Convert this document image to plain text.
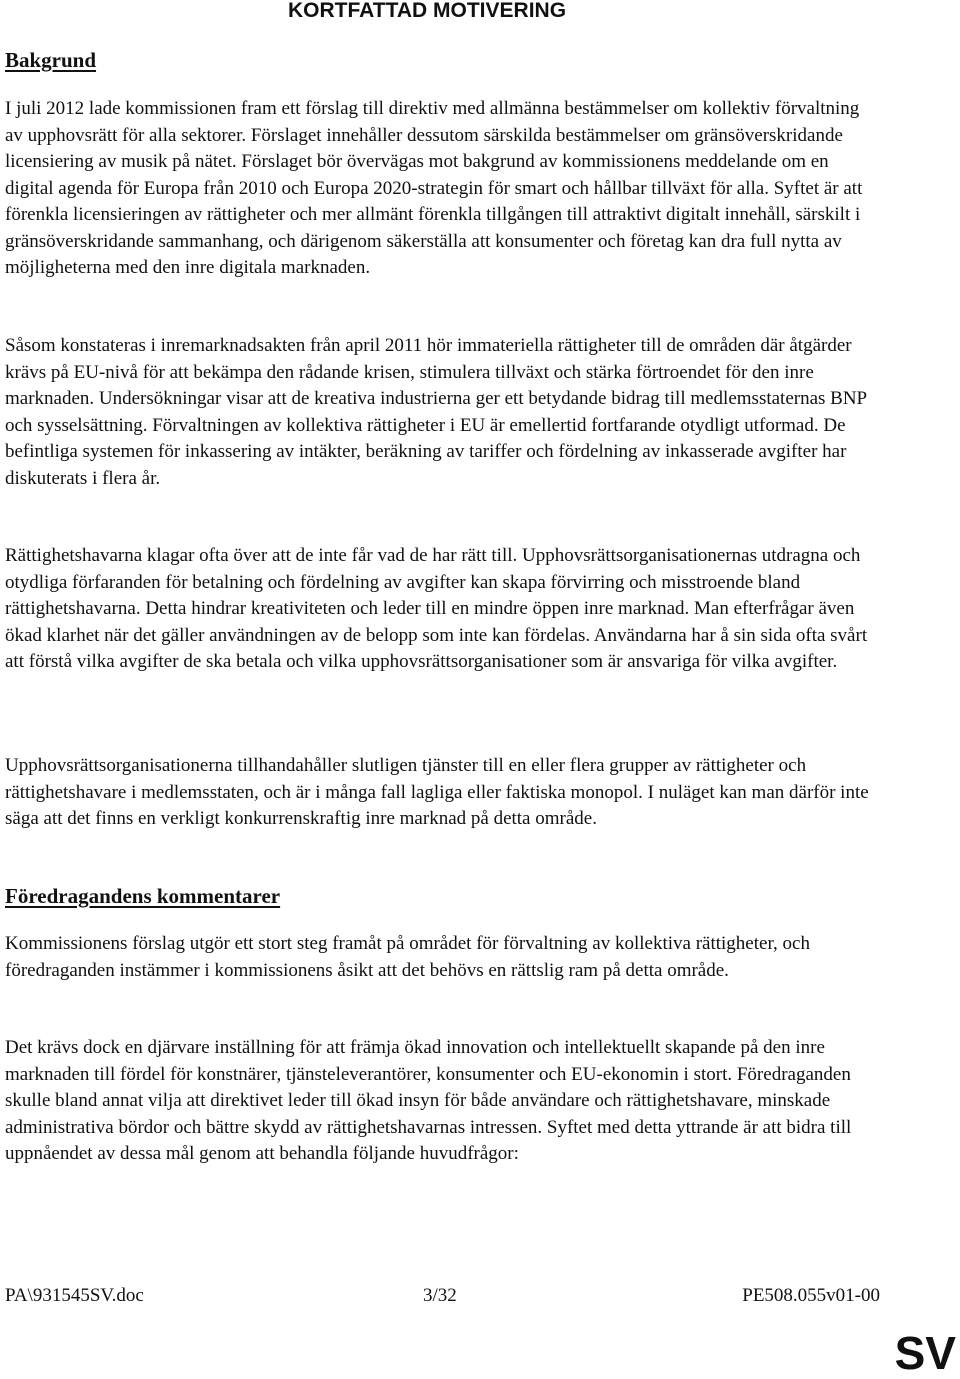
KORTFATTAD MOTIVERING
Bakgrund

I juli 2012 lade kommissionen fram ett förslag till direktiv med allmänna bestämmelser om kollektiv förvaltning av upphovsrätt för alla sektorer. Förslaget innehåller dessutom särskilda bestämmelser om gränsöverskridande licensiering av musik på nätet. Förslaget bör övervägas mot bakgrund av kommissionens meddelande om en digital agenda för Europa från 2010 och Europa 2020-strategin för smart och hållbar tillväxt för alla. Syftet är att förenkla licensieringen av rättigheter och mer allmänt förenkla tillgången till attraktivt digitalt innehåll, särskilt i gränsöverskridande sammanhang, och därigenom säkerställa att konsumenter och företag kan dra full nytta av möjligheterna med den inre digitala marknaden.

Såsom konstateras i inremarknadsakten från april 2011 hör immateriella rättigheter till de områden där åtgärder krävs på EU-nivå för att bekämpa den rådande krisen, stimulera tillväxt och stärka förtroendet för den inre marknaden. Undersökningar visar att de kreativa industrierna ger ett betydande bidrag till medlemsstaternas BNP och sysselsättning. Förvaltningen av kollektiva rättigheter i EU är emellertid fortfarande otydligt utformad. De befintliga systemen för inkassering av intäkter, beräkning av tariffer och fördelning av inkasserade avgifter har diskuterats i flera år.

Rättighetshavarna klagar ofta över att de inte får vad de har rätt till. Upphovsrättsorganisationernas utdragna och otydliga förfaranden för betalning och fördelning av avgifter kan skapa förvirring och misstroende bland rättighetshavarna. Detta hindrar kreativiteten och leder till en mindre öppen inre marknad. Man efterfrågar även ökad klarhet när det gäller användningen av de belopp som inte kan fördelas. Användarna har å sin sida ofta svårt att förstå vilka avgifter de ska betala och vilka upphovsrättsorganisationer som är ansvariga för vilka avgifter.

Upphovsrättsorganisationerna tillhandahåller slutligen tjänster till en eller flera grupper av rättigheter och rättighetshavare i medlemsstaten, och är i många fall lagliga eller faktiska monopol. I nuläget kan man därför inte säga att det finns en verkligt konkurrenskraftig inre marknad på detta område.

Föredragandens kommentarer

Kommissionens förslag utgör ett stort steg framåt på området för förvaltning av kollektiva rättigheter, och föredraganden instämmer i kommissionens åsikt att det behövs en rättslig ram på detta område.

Det krävs dock en djärvare inställning för att främja ökad innovation och intellektuellt skapande på den inre marknaden till fördel för konstnärer, tjänsteleverantörer, konsumenter och EU-ekonomin i stort. Föredraganden skulle bland annat vilja att direktivet leder till ökad insyn för både användare och rättighetshavare, minskade administrativa bördor och bättre skydd av rättighetshavarnas intressen. Syftet med detta yttrande är att bidra till uppnåendet av dessa mål genom att behandla följande huvudfrågor:

PA\931545SV.doc	3/32	PE508.055v01-00
SV
